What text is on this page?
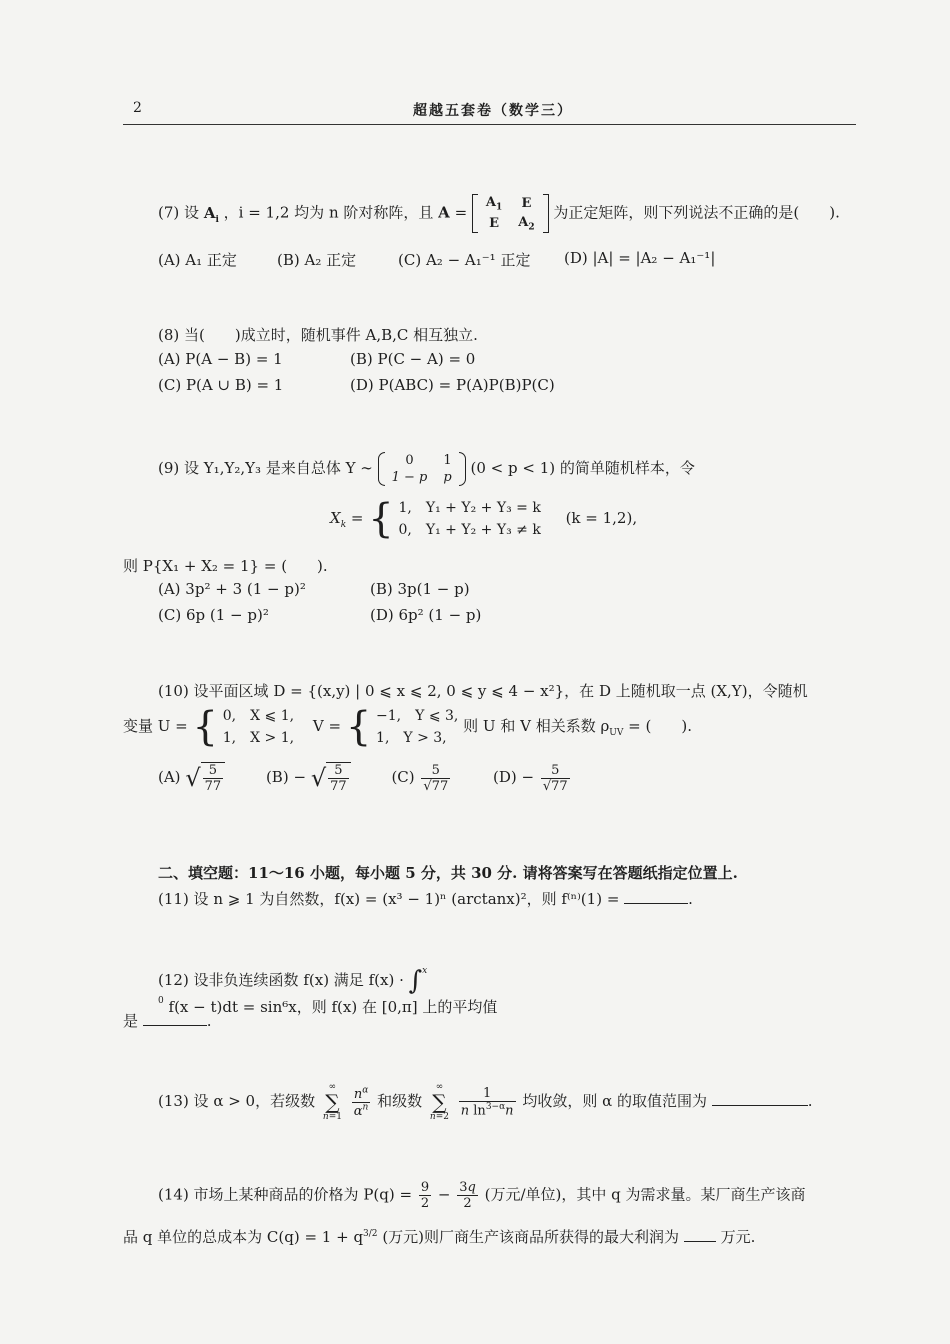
2	超越五套卷（数学三）
(7) 设 $A_i$ ，i = 1,2 均为 n 阶对称阵，且 A =
$A_1$	E
E	$A_2$
为正定矩阵，则下列说法不正确的是(　　).
(A) A₁ 正定	(B) A₂ 正定	(C) A₂ − A₁⁻¹ 正定 (D) |A| = |A₂ − A₁⁻¹|
(8) 当(　　)成立时，随机事件 A,B,C 相互独立.
(A) P(A − B) = 1	(B) P(C − A) = 0
(C) P(A ∪ B) = 1	(D) P(ABC) = P(A)P(B)P(C)
(9) 设 Y₁,Y₂,Y₃ 是来自总体 Y ∼	0	1
1 − p	p
(0 < p < 1) 的简单随机样本，令
$X_k$ = { 1,　Y₁ + Y₂ + Y₃ = k
0,　Y₁ + Y₂ + Y₃ ≠ k (k = 1,2),
则 P{X₁ + X₂ = 1} = (　　).
(A) 3p² + 3 (1 − p)²	(B) 3p(1 − p)
(C) 6p (1 − p)²	(D) 6p² (1 − p)
(10) 设平面区域 D = {(x,y) | 0 ⩽ x ⩽ 2, 0 ⩽ y ⩽ 4 − x²}，在 D 上随机取一点 (X,Y)，令随机
变量 U = { 0,　X ⩽ 1,
1,　X > 1, V = { −1,　Y ⩽ 3,
1,　Y > 3, 则 U 和 V 相关系数 $\rho_{UV}$ = (　　).
(A) √ $\frac{5}{77}$	(B) − √ $\frac{5}{77}$	$(C) \frac{5}{√77}$	$(D) - \frac{5}{√77}$
二、填空题：11～16 小题，每小题 5 分，共 30 分. 请将答案写在答题纸指定位置上.
(11) 设 n ⩾ 1 为自然数，f(x) = (x³ − 1)ⁿ (arctanx)²，则 f⁽ⁿ⁾(1) =	.
(12) 设非负连续函数 f(x) 满足 f(x) · ∫$^{x 0}$ f(x − t)dt = sin⁶x，则 f(x) 在 [0,π] 上的平均值
是	.
(13) 设 α > 0，若级数 ∞
∑
$n=1 \frac{n^\alpha}{\alpha^n}$ 和级数 ∞
∑
$n=2 \frac{1}{n \ln^{3-\alpha}n}$ 均收敛，则 α 的取值范围为	.
(14) 市场上某种商品的价格为 $P(q) = \frac{9}{2} - \frac{3q}{2}$ (万元/单位)，其中 q 为需求量。某厂商生产该商
品 q 单位的总成本为 $C(q) = 1 + q^{3/2}$ (万元)则厂商生产该商品所获得的最大利润为	万元.
